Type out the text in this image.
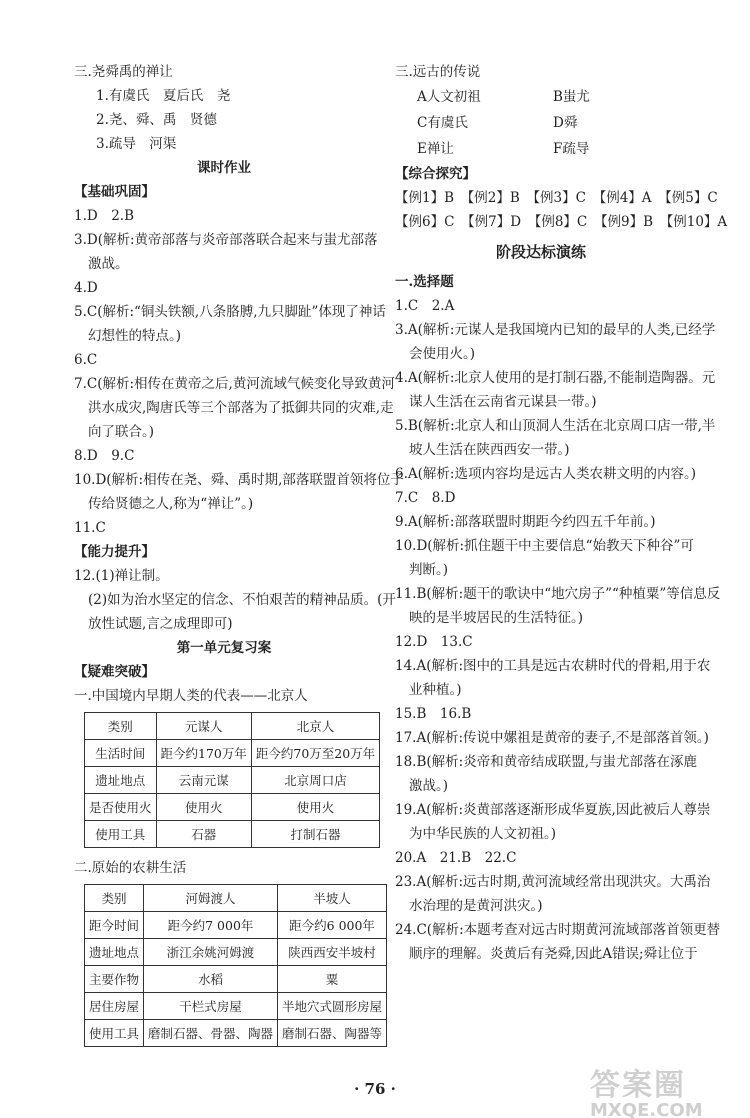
三.尧舜禹的禅让

1.有虞氏　夏后氏　尧

2.尧、舜、禹　贤德

3.疏导　河渠

课时作业

【基础巩固】

1.D　2.B

3.D(解析:黄帝部落与炎帝部落联合起来与蚩尤部落

激战。

4.D

5.C(解析:“铜头铁额,八条胳膊,九只脚趾”体现了神话

幻想性的特点。)

6.C

7.C(解析:相传在黄帝之后,黄河流域气候变化导致黄河

洪水成灾,陶唐氏等三个部落为了抵御共同的灾难,走

向了联合。)

8.D　9.C

10.D(解析:相传在尧、舜、禹时期,部落联盟首领将位子

传给贤德之人,称为“禅让”。)

11.C

【能力提升】

12.(1)禅让制。

(2)如为治水坚定的信念、不怕艰苦的精神品质。(开

放性试题,言之成理即可)

第一单元复习案

【疑难突破】

一.中国境内早期人类的代表——北京人

类别	元谋人	北京人
生活时间	距今约170万年	距今约70万至20万年
遗址地点	云南元谋	北京周口店
是否使用火	使用火	使用火
使用工具	石器	打制石器

二.原始的农耕生活

类别	河姆渡人	半坡人
距今时间	距今约7 000年	距今约6 000年
遗址地点	浙江余姚河姆渡	陕西西安半坡村
主要作物	水稻	粟
居住房屋	干栏式房屋	半地穴式圆形房屋
使用工具	磨制石器、骨器、陶器	磨制石器、陶器等

三.远古的传说

A人文初祖	B蚩尤
C有虞氏	D舜
E禅让	F疏导

【综合探究】

【例1】B　【例2】B　【例3】C　【例4】A　【例5】C

【例6】C　【例7】D　【例8】C　【例9】B　【例10】A

阶段达标演练

一.选择题

1.C　2.A

3.A(解析:元谋人是我国境内已知的最早的人类,已经学

会使用火。)

4.A(解析:北京人使用的是打制石器,不能制造陶器。元

谋人生活在云南省元谋县一带。)

5.B(解析:北京人和山顶洞人生活在北京周口店一带,半

坡人生活在陕西西安一带。)

6.A(解析:选项内容均是远古人类农耕文明的内容。)

7.C　8.D

9.A(解析:部落联盟时期距今约四五千年前。)

10.D(解析:抓住题干中主要信息“始教天下种谷”可

判断。)

11.B(解析:题干的歌诀中“地穴房子”“种植粟”等信息反

映的是半坡居民的生活特征。)

12.D　13.C

14.A(解析:图中的工具是远古农耕时代的骨耜,用于农

业种植。)

15.B　16.B

17.A(解析:传说中嫘祖是黄帝的妻子,不是部落首领。)

18.B(解析:炎帝和黄帝结成联盟,与蚩尤部落在涿鹿

激战。)

19.A(解析:炎黄部落逐渐形成华夏族,因此被后人尊崇

为中华民族的人文初祖。)

20.A　21.B　22.C

23.A(解析:远古时期,黄河流域经常出现洪灾。大禹治

水治理的是黄河洪灾。)

24.C(解析:本题考查对远古时期黄河流域部落首领更替

顺序的理解。炎黄后有尧舜,因此A错误;舜让位于

· 76 ·	答案圈
MXQE.COM
